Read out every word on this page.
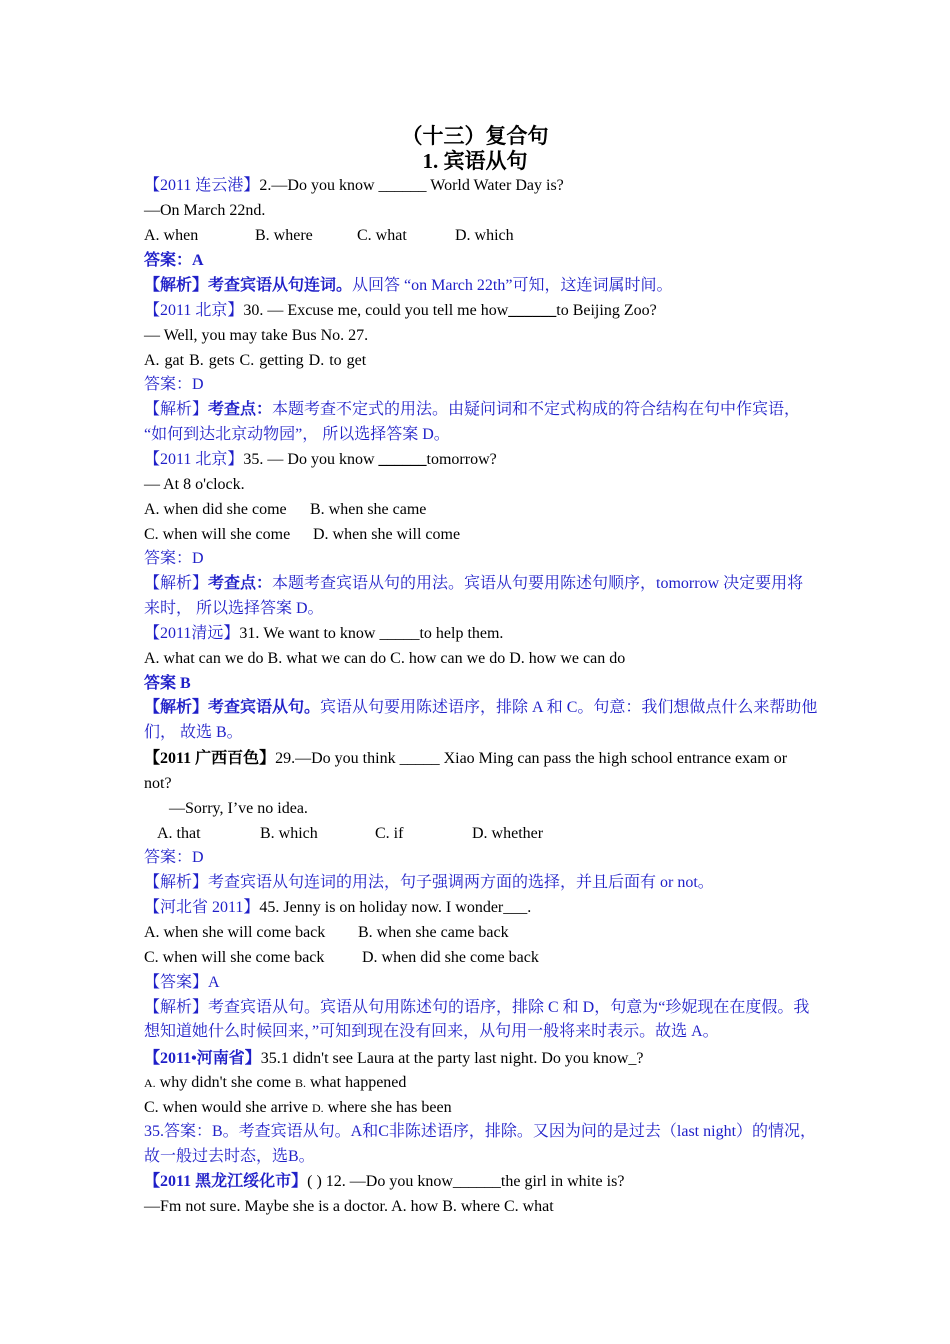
（十三）复合句
1. 宾语从句
【2011 连云港】2.—Do you know ______ World Water Day is?
—On March 22nd.
A. when	B. where	C. what	D. which
答案：A
【解析】考查宾语从句连词。从回答 “on March 22th”可知，这连词属时间。
【2011 北京】30. — Excuse me, could you tell me how______to Beijing Zoo?
— Well, you may take Bus No. 27.
A. gat B. gets C. getting D. to get
答案：D
【解析】考查点：本题考查不定式的用法。由疑问词和不定式构成的符合结构在句中作宾语，
“如何到达北京动物园”， 所以选择答案 D。
【2011 北京】35. — Do you know ______tomorrow?
— At 8 o'clock.
A. when did she come B. when she came
C. when will she come D. when she will come
答案：D
【解析】考查点：本题考查宾语从句的用法。宾语从句要用陈述句顺序，tomorrow 决定要用将
来时， 所以选择答案 D。
【2011清远】31. We want to know _____to help them.
A. what can we do B. what we can do C. how can we do D. how we can do
答案 B
【解析】考查宾语从句。宾语从句要用陈述语序，排除 A 和 C。句意：我们想做点什么来帮助他
们， 故选 B。
【2011 广西百色】29.—Do you think _____ Xiao Ming can pass the high school entrance exam or
not?
—Sorry, I’ve no idea.
A. that	B. which	C. if	D. whether
答案：D
【解析】考查宾语从句连词的用法，句子强调两方面的选择，并且后面有 or not。
【河北省 2011】45. Jenny is on holiday now. I wonder___.
A. when she will come back B. when she came back
C. when will she come back D. when did she come back
【答案】A
【解析】考查宾语从句。宾语从句用陈述句的语序，排除 C 和 D，句意为“珍妮现在在度假。我
想知道她什么时候回来，”可知到现在没有回来，从句用一般将来时表示。故选 A。
【2011•河南省】35.1 didn't see Laura at the party last night. Do you know_?
A. why didn't she come B. what happened
C. when would she arrive D. where she has been
35.答案：B。考查宾语从句。A和C非陈述语序，排除。又因为问的是过去（last night）的情况，
故一般过去时态，选B。
【2011 黑龙江绥化市】( ) 12. —Do you know______the girl in white is?
—Fm not sure. Maybe she is a doctor. A. how B. where C. what
